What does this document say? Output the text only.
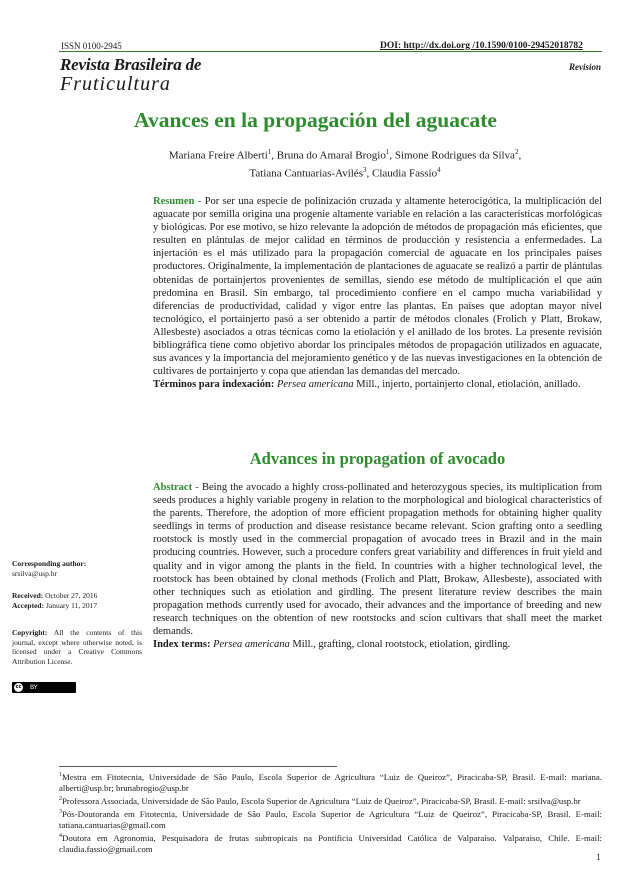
ISSN 0100-2945	DOI: http://dx.doi.org /10.1590/0100-29452018782
Revista Brasileira de
Fruticultura
Revision
Avances en la propagación del aguacate
Mariana Freire Alberti$^1$, Bruna do Amaral Brogio$^1$, Simone Rodrigues da Silva$^2$,
Tatiana Cantuarias-Avilés$^3$, Claudia Fassio$^4$
Resumen - Por ser una especie de polinización cruzada y altamente heterocigótica, la multiplicación del aguacate por semilla origina una progenie altamente variable en relación a las características morfológicas y biológicas. Por ese motivo, se hizo relevante la adopción de métodos de propagación más eficientes, que resulten en plántulas de mejor calidad en términos de producción y resistencia a enfermedades. La injertación es el más utilizado para la propagación comercial de aguacate en los principales países productores. Originalmente, la implementación de plantaciones de aguacate se realizó a partir de plántulas obtenidas de portainjertos provenientes de semillas, siendo ese método de multiplicación el que aún predomina en Brasil. Sin embargo, tal procedimiento confiere en el campo mucha variabilidad y diferencias de productividad, calidad y vigor entre las plantas. En países que adoptan mayor nivel tecnológico, el portainjerto pasó a ser obtenido a partir de métodos clonales (Frolich y Platt, Brokaw, Allesbeste) asociados a otras técnicas como la etiolación y el anillado de los brotes. La presente revisión bibliográfica tiene como objetivo abordar los principales métodos de propagación utilizados en aguacate, sus avances y la importancia del mejoramiento genético y de las nuevas investigaciones en la obtención de cultivares de portainjerto y copa que atiendan las demandas del mercado.
Términos para indexación: Persea americana Mill., injerto, portainjerto clonal, etiolación, anillado.
Advances in propagation of avocado
Abstract - Being the avocado a highly cross-pollinated and heterozygous species, its multiplication from seeds produces a highly variable progeny in relation to the morphological and biological characteristics of the parents. Therefore, the adoption of more efficient propagation methods for obtaining higher quality seedlings in terms of production and disease resistance became relevant. Scion grafting onto a seedling rootstock is mostly used in the commercial propagation of avocado trees in Brazil and in the main producing countries. However, such a procedure confers great variability and differences in fruit yield and quality and in vigor among the plants in the field. In countries with a higher technological level, the rootstock has been obtained by clonal methods (Frolich and Platt, Brokaw, Allesbeste), associated with other techniques such as etiolation and girdling. The present literature review describes the main propagation methods currently used for avocado, their advances and the importance of breeding and new research techniques on the obtention of new rootstocks and scion cultivars that shall meet the market demands.
Index terms: Persea americana Mill., grafting, clonal rootstock, etiolation, girdling.
Corresponding author:
srsilva@usp.br
Received: October 27, 2016
Accepted: January 11, 2017
Copyright: All the contents of this journal, except where otherwise noted, is licensed under a Creative Commons Attribution License.
cc BY
$^1$Mestra em Fitotecnia, Universidade de São Paulo, Escola Superior de Agricultura “Luiz de Queiroz”, Piracicaba-SP, Brasil. E-mail: mariana. alberti@usp.br; brunabrogio@usp.br
$^2$Professora Associada, Universidade de São Paulo, Escola Superior de Agricultura “Luiz de Queiroz”, Piracicaba-SP, Brasil. E-mail: srsilva@usp.br
$^3$Pós-Doutoranda em Fitotecnia, Universidade de São Paulo, Escola Superior de Agricultura “Luiz de Queiroz”, Piracicaba-SP, Brasil. E-mail: tatiana.cantuarias@gmail.com
$^4$Doutora em Agronomia, Pesquisadora de frutas subtropicais na Pontificia Universidad Católica de Valparaíso. Valparaiso, Chile. E-mail: claudia.fassio@gmail.com
1
